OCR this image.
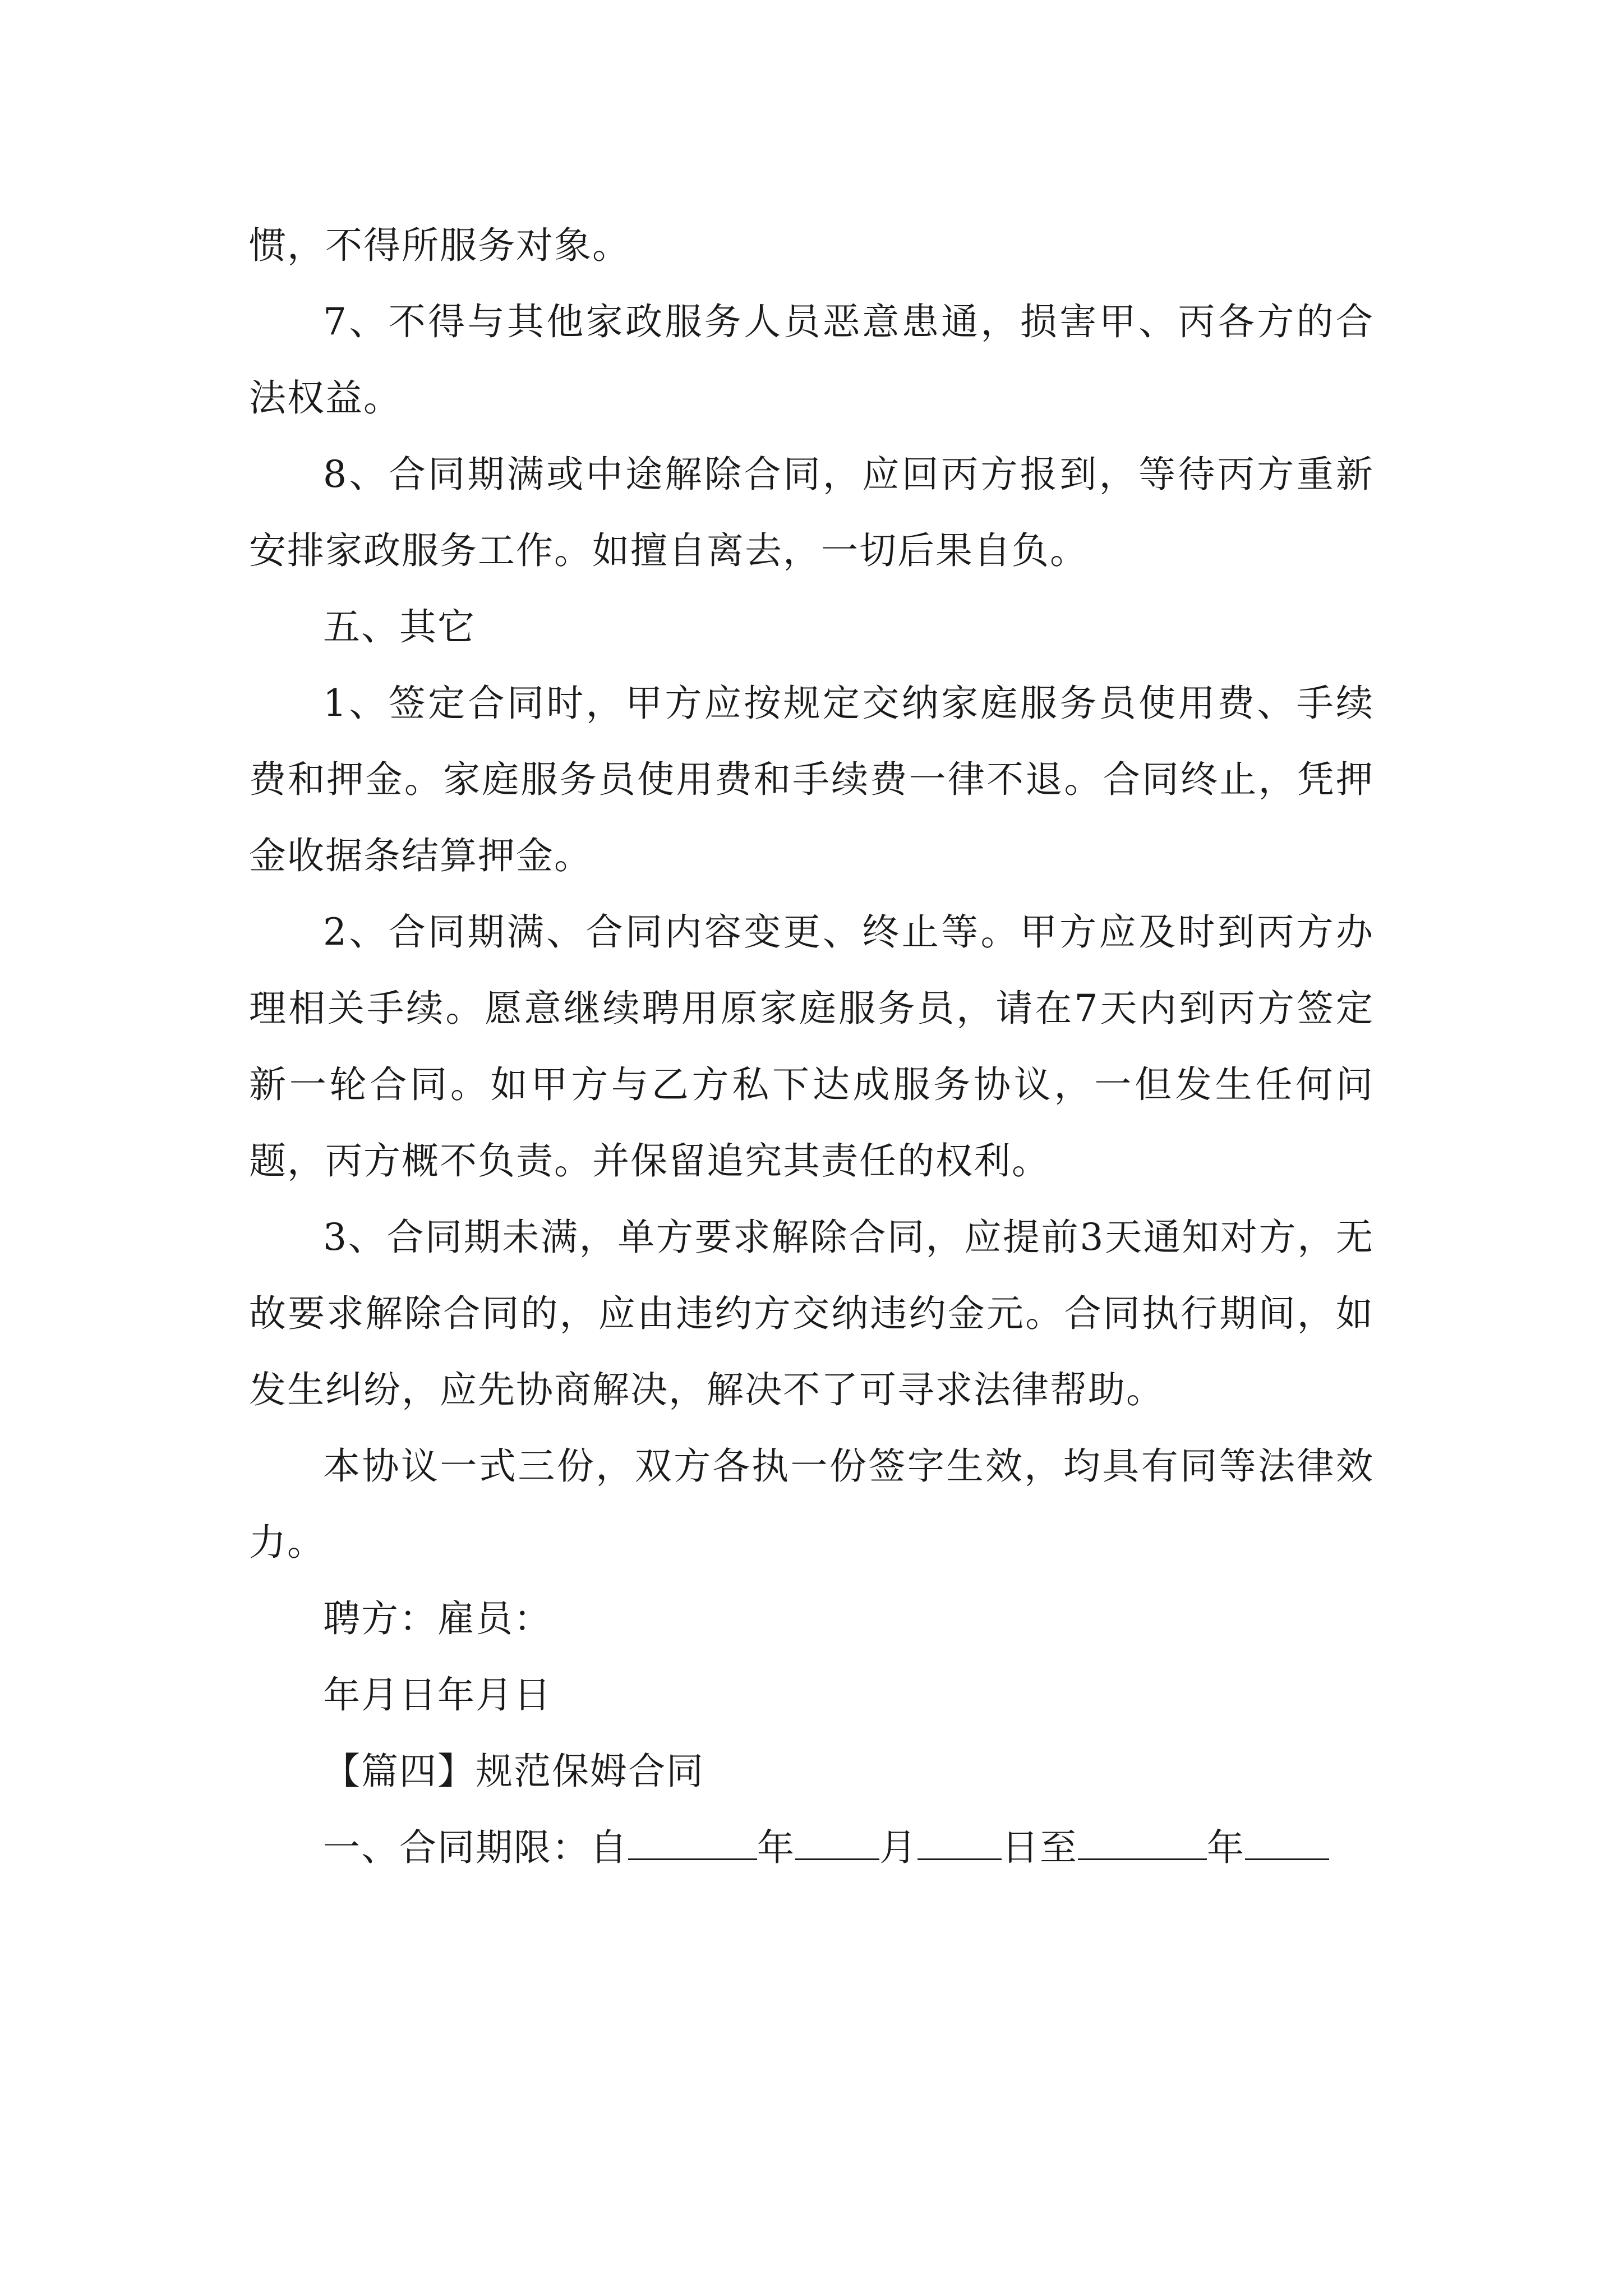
惯，不得所服务对象。

7、不得与其他家政服务人员恶意患通，损害甲、丙各方的合法权益。

8、合同期满或中途解除合同，应回丙方报到，等待丙方重新安排家政服务工作。如擅自离去，一切后果自负。

五、其它

1、签定合同时，甲方应按规定交纳家庭服务员使用费、手续费和押金。家庭服务员使用费和手续费一律不退。合同终止，凭押金收据条结算押金。

2、合同期满、合同内容变更、终止等。甲方应及时到丙方办理相关手续。愿意继续聘用原家庭服务员，请在7天内到丙方签定新一轮合同。如甲方与乙方私下达成服务协议，一但发生任何问题，丙方概不负责。并保留追究其责任的权利。

3、合同期未满，单方要求解除合同，应提前3天通知对方，无故要求解除合同的，应由违约方交纳违约金元。合同执行期间，如发生纠纷，应先协商解决，解决不了可寻求法律帮助。

本协议一式三份，双方各执一份签字生效，均具有同等法律效力。

聘方：雇员：

年月日年月日

【篇四】规范保姆合同

一、合同期限：自	年 月 日至	年
